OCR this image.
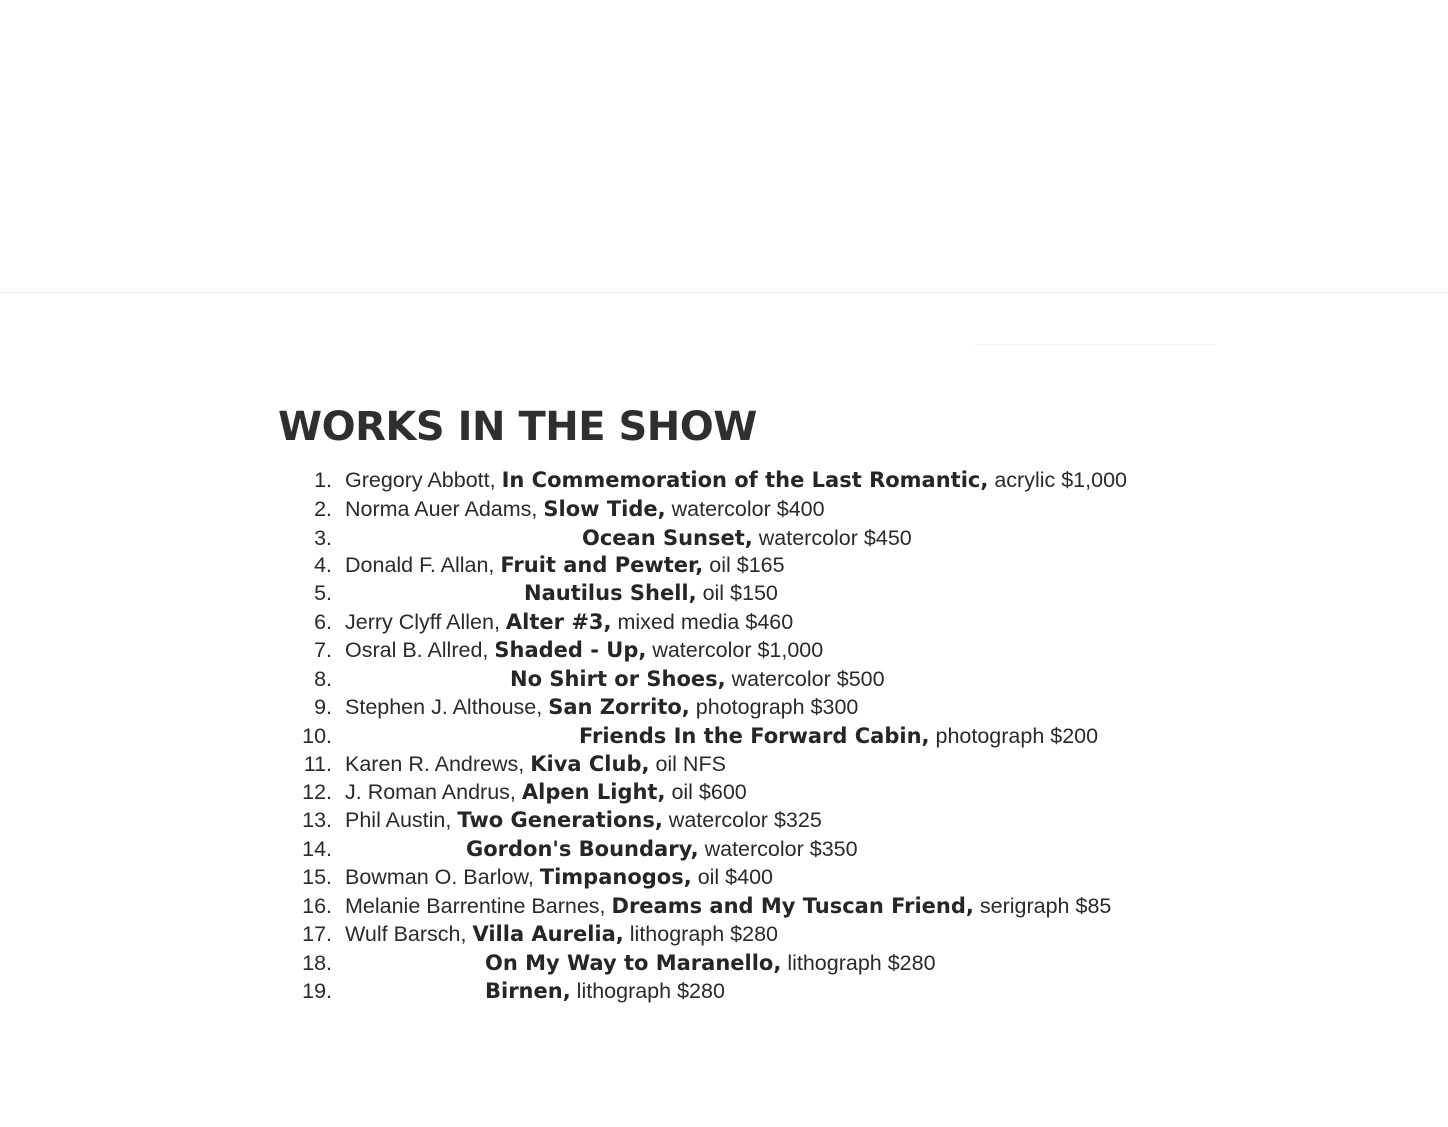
WORKS IN THE SHOW
1. Gregory Abbott, In Commemoration of the Last Romantic, acrylic $1,000
2. Norma Auer Adams, Slow Tide, watercolor $400
3.	Ocean Sunset, watercolor $450
4. Donald F. Allan, Fruit and Pewter, oil $165
5.	Nautilus Shell, oil $150
6. Jerry Clyff Allen, Alter #3, mixed media $460
7. Osral B. Allred, Shaded - Up, watercolor $1,000
8.	No Shirt or Shoes, watercolor $500
9. Stephen J. Althouse, San Zorrito, photograph $300
10.	Friends In the Forward Cabin, photograph $200
11. Karen R. Andrews, Kiva Club, oil NFS
12. J. Roman Andrus, Alpen Light, oil $600
13. Phil Austin, Two Generations, watercolor $325
14.	Gordon's Boundary, watercolor $350
15. Bowman O. Barlow, Timpanogos, oil $400
16. Melanie Barrentine Barnes, Dreams and My Tuscan Friend, serigraph $85
17. Wulf Barsch, Villa Aurelia, lithograph $280
18.	On My Way to Maranello, lithograph $280
19.	Birnen, lithograph $280
